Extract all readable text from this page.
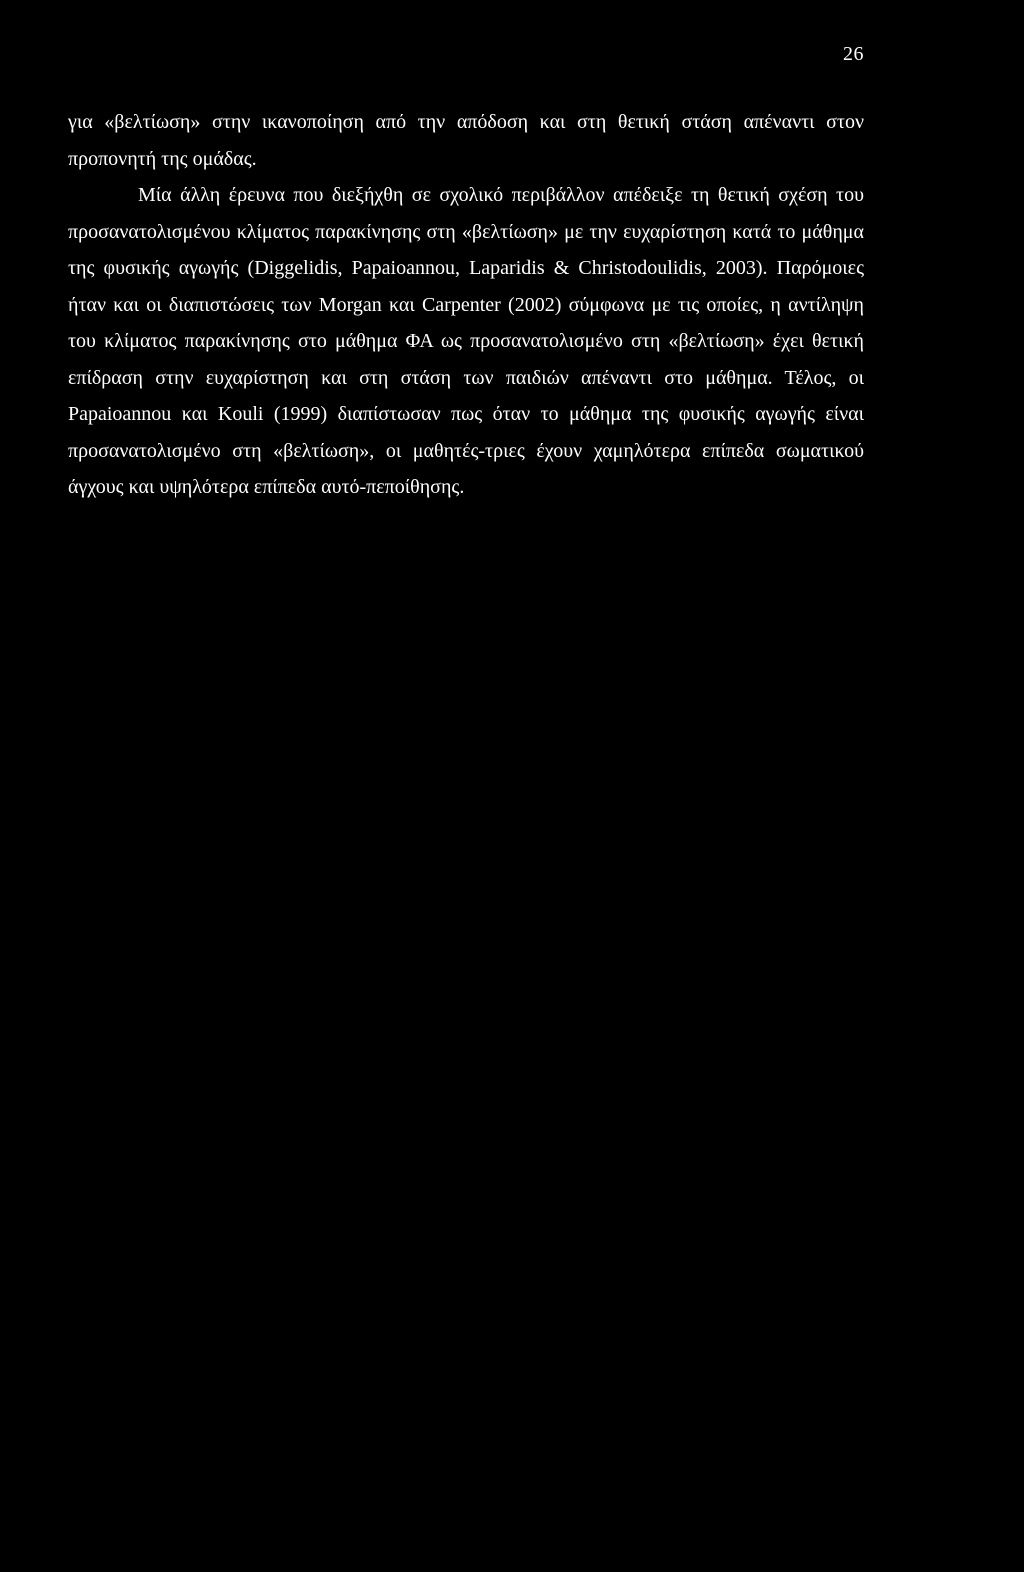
26

για «βελτίωση» στην ικανοποίηση από την απόδοση και στη θετική στάση απέναντι στον προπονητή της ομάδας.

Μία άλλη έρευνα που διεξήχθη σε σχολικό περιβάλλον απέδειξε τη θετική σχέση του προσανατολισμένου κλίματος παρακίνησης στη «βελτίωση» με την ευχαρίστηση κατά το μάθημα της φυσικής αγωγής (Diggelidis, Papaioannou, Laparidis & Christodoulidis, 2003). Παρόμοιες ήταν και οι διαπιστώσεις των Morgan και Carpenter (2002) σύμφωνα με τις οποίες, η αντίληψη του κλίματος παρακίνησης στο μάθημα ΦΑ ως προσανατολισμένο στη «βελτίωση» έχει θετική επίδραση στην ευχαρίστηση και στη στάση των παιδιών απέναντι στο μάθημα. Τέλος, οι Papaioannou και Kouli (1999) διαπίστωσαν πως όταν το μάθημα της φυσικής αγωγής είναι προσανατολισμένο στη «βελτίωση», οι μαθητές-τριες έχουν χαμηλότερα επίπεδα σωματικού άγχους και υψηλότερα επίπεδα αυτό-πεποίθησης.
